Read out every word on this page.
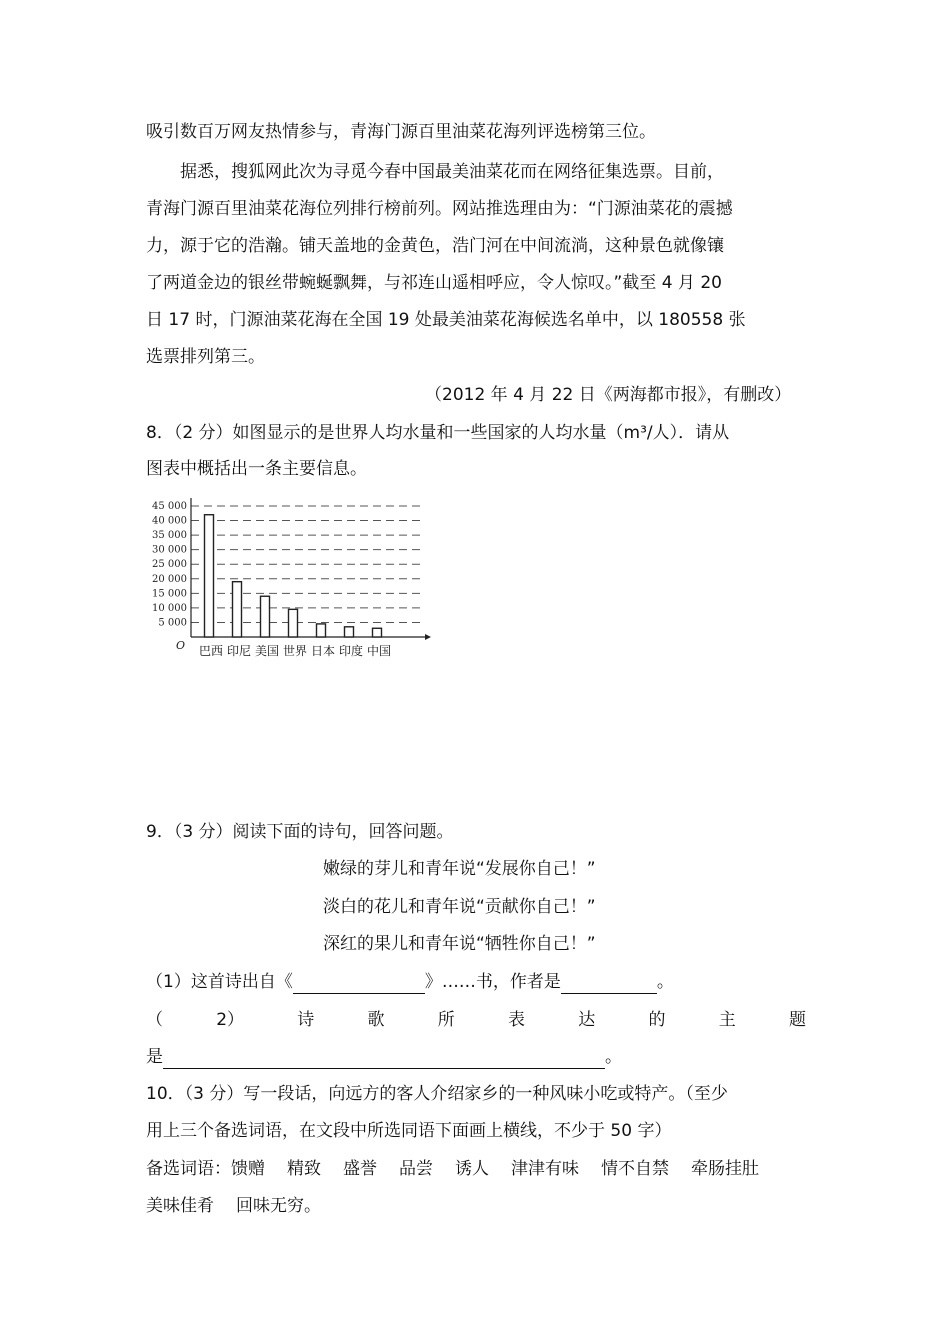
吸引数百万网友热情参与，青海门源百里油菜花海列评选榜第三位。
据悉，搜狐网此次为寻觅今春中国最美油菜花而在网络征集选票。目前，
青海门源百里油菜花海位列排行榜前列。网站推选理由为：“门源油菜花的震撼
力，源于它的浩瀚。铺天盖地的金黄色，浩门河在中间流淌，这种景色就像镶
了两道金边的银丝带蜿蜒飘舞，与祁连山遥相呼应，令人惊叹。”截至 4 月 20
日 17 时，门源油菜花海在全国 19 处最美油菜花海候选名单中，以 180558 张
选票排列第三。
（2012 年 4 月 22 日《两海都市报》，有删改）
8．（2 分）如图显示的是世界人均水量和一些国家的人均水量（m³/人）．请从
图表中概括出一条主要信息。
5 000
10 000
15 000
20 000
25 000
30 000
35 000
40 000
45 000
O 巴西 印尼 美国 世界 日本 印度 中国
9．（3 分）阅读下面的诗句，回答问题。
嫩绿的芽儿和青年说“发展你自己！”
淡白的花儿和青年说“贡献你自己！”
深红的果儿和青年说“牺牲你自己！”
（1）这首诗出自《	》……书，作者是	。
（	2）	诗	歌	所	表	达	的	主	题
是	。
10．（3 分）写一段话，向远方的客人介绍家乡的一种风味小吃或特产。（至少
用上三个备选词语，在文段中所选同语下面画上横线，不少于 50 字）
备选词语：馈赠 精致 盛誉 品尝 诱人 津津有味 情不自禁 牵肠挂肚
美味佳肴 回味无穷。
